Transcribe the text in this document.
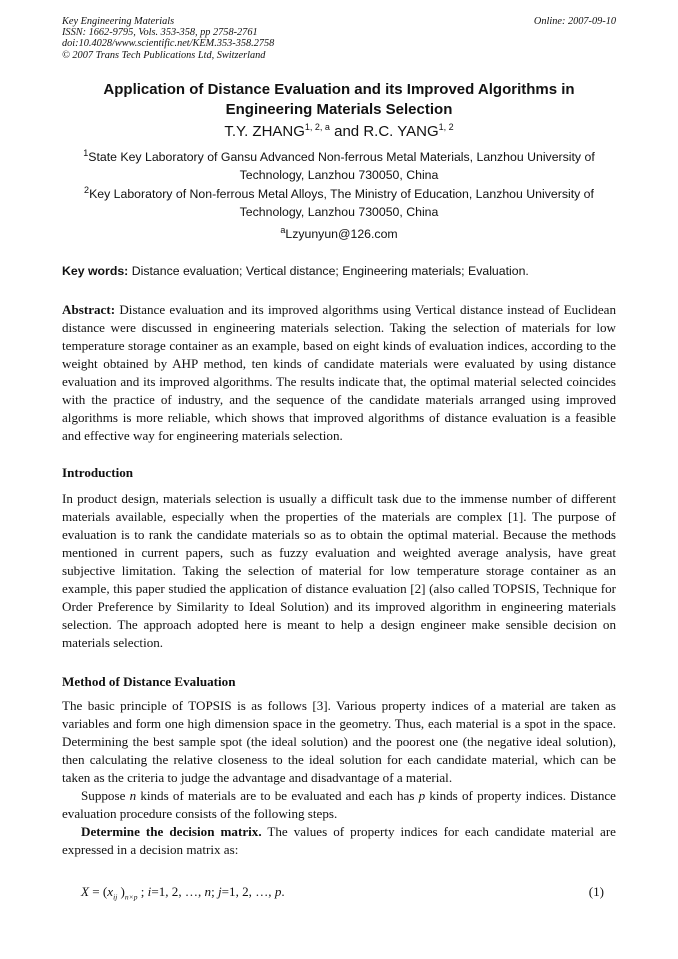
Key Engineering Materials
ISSN: 1662-9795, Vols. 353-358, pp 2758-2761
doi:10.4028/www.scientific.net/KEM.353-358.2758
© 2007 Trans Tech Publications Ltd, Switzerland
Online: 2007-09-10
Application of Distance Evaluation and its Improved Algorithms in
Engineering Materials Selection
T.Y. ZHANG$^{1, 2, a}$ and R.C. YANG$^{1, 2}$
$^1$State Key Laboratory of Gansu Advanced Non-ferrous Metal Materials, Lanzhou University of Technology, Lanzhou 730050, China
$^2$Key Laboratory of Non-ferrous Metal Alloys, The Ministry of Education, Lanzhou University of Technology, Lanzhou 730050, China
$^a$Lzyunyun@126.com
Key words: Distance evaluation; Vertical distance; Engineering materials; Evaluation.
Abstract: Distance evaluation and its improved algorithms using Vertical distance instead of Euclidean distance were discussed in engineering materials selection. Taking the selection of materials for low temperature storage container as an example, based on eight kinds of evaluation indices, according to the weight obtained by AHP method, ten kinds of candidate materials were evaluated by using distance evaluation and its improved algorithms. The results indicate that, the optimal material selected coincides with the practice of industry, and the sequence of the candidate materials arranged using improved algorithms is more reliable, which shows that improved algorithms of distance evaluation is a feasible and effective way for engineering materials selection.
Introduction
In product design, materials selection is usually a difficult task due to the immense number of different materials available, especially when the properties of the materials are complex [1]. The purpose of evaluation is to rank the candidate materials so as to obtain the optimal material. Because the methods mentioned in current papers, such as fuzzy evaluation and weighted average analysis, have great subjective limitation. Taking the selection of material for low temperature storage container as an example, this paper studied the application of distance evaluation [2] (also called TOPSIS, Technique for Order Preference by Similarity to Ideal Solution) and its improved algorithm in engineering materials selection. The approach adopted here is meant to help a design engineer make sensible decision on materials selection.
Method of Distance Evaluation
The basic principle of TOPSIS is as follows [3]. Various property indices of a material are taken as variables and form one high dimension space in the geometry. Thus, each material is a spot in the space. Determining the best sample spot (the ideal solution) and the poorest one (the negative ideal solution), then calculating the relative closeness to the ideal solution for each candidate material, which can be taken as the criteria to judge the advantage and disadvantage of a material.
Suppose n kinds of materials are to be evaluated and each has p kinds of property indices. Distance evaluation procedure consists of the following steps.
Determine the decision matrix. The values of property indices for each candidate material are expressed in a decision matrix as:
$X = (x_{ij}$ )$_{n\times p}$ ; i=1, 2, …, n; j=1, 2, …, p.	(1)
